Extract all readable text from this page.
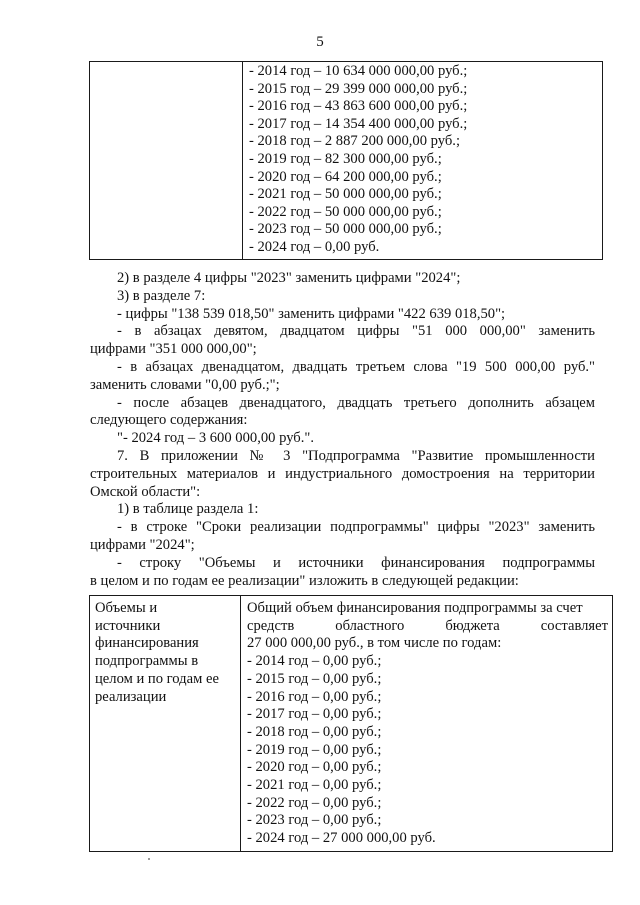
5

- 2014 год – 10 634 000 000,00 руб.;
- 2015 год – 29 399 000 000,00 руб.;
- 2016 год – 43 863 600 000,00 руб.;
- 2017 год – 14 354 400 000,00 руб.;
- 2018 год – 2 887 200 000,00 руб.;
- 2019 год – 82 300 000,00 руб.;
- 2020 год – 64 200 000,00 руб.;
- 2021 год – 50 000 000,00 руб.;
- 2022 год – 50 000 000,00 руб.;
- 2023 год – 50 000 000,00 руб.;
- 2024 год – 0,00 руб.
2) в разделе 4 цифры "2023" заменить цифрами "2024";
3) в разделе 7:
- цифры "138 539 018,50" заменить цифрами "422 639 018,50";
- в абзацах девятом, двадцатом цифры "51 000 000,00" заменить
цифрами "351 000 000,00";
- в абзацах двенадцатом, двадцать третьем слова "19 500 000,00 руб."
заменить словами "0,00 руб.;";
- после абзацев двенадцатого, двадцать третьего дополнить абзацем
следующего содержания:
"- 2024 год – 3 600 000,00 руб.".
7. В приложении № 3 "Подпрограмма "Развитие промышленности
строительных материалов и индустриального домостроения на территории
Омской области":
1) в таблице раздела 1:
- в строке "Сроки реализации подпрограммы" цифры "2023" заменить
цифрами "2024";
- строку "Объемы и источники финансирования подпрограммы
в целом и по годам ее реализации" изложить в следующей редакции:
Объемы и
источники
финансирования
подпрограммы в
целом и по годам ее
реализации

Общий объем финансирования подпрограммы за счет
средств областного бюджета составляет
27 000 000,00 руб., в том числе по годам:
- 2014 год – 0,00 руб.;
- 2015 год – 0,00 руб.;
- 2016 год – 0,00 руб.;
- 2017 год – 0,00 руб.;
- 2018 год – 0,00 руб.;
- 2019 год – 0,00 руб.;
- 2020 год – 0,00 руб.;
- 2021 год – 0,00 руб.;
- 2022 год – 0,00 руб.;
- 2023 год – 0,00 руб.;
- 2024 год – 27 000 000,00 руб.
